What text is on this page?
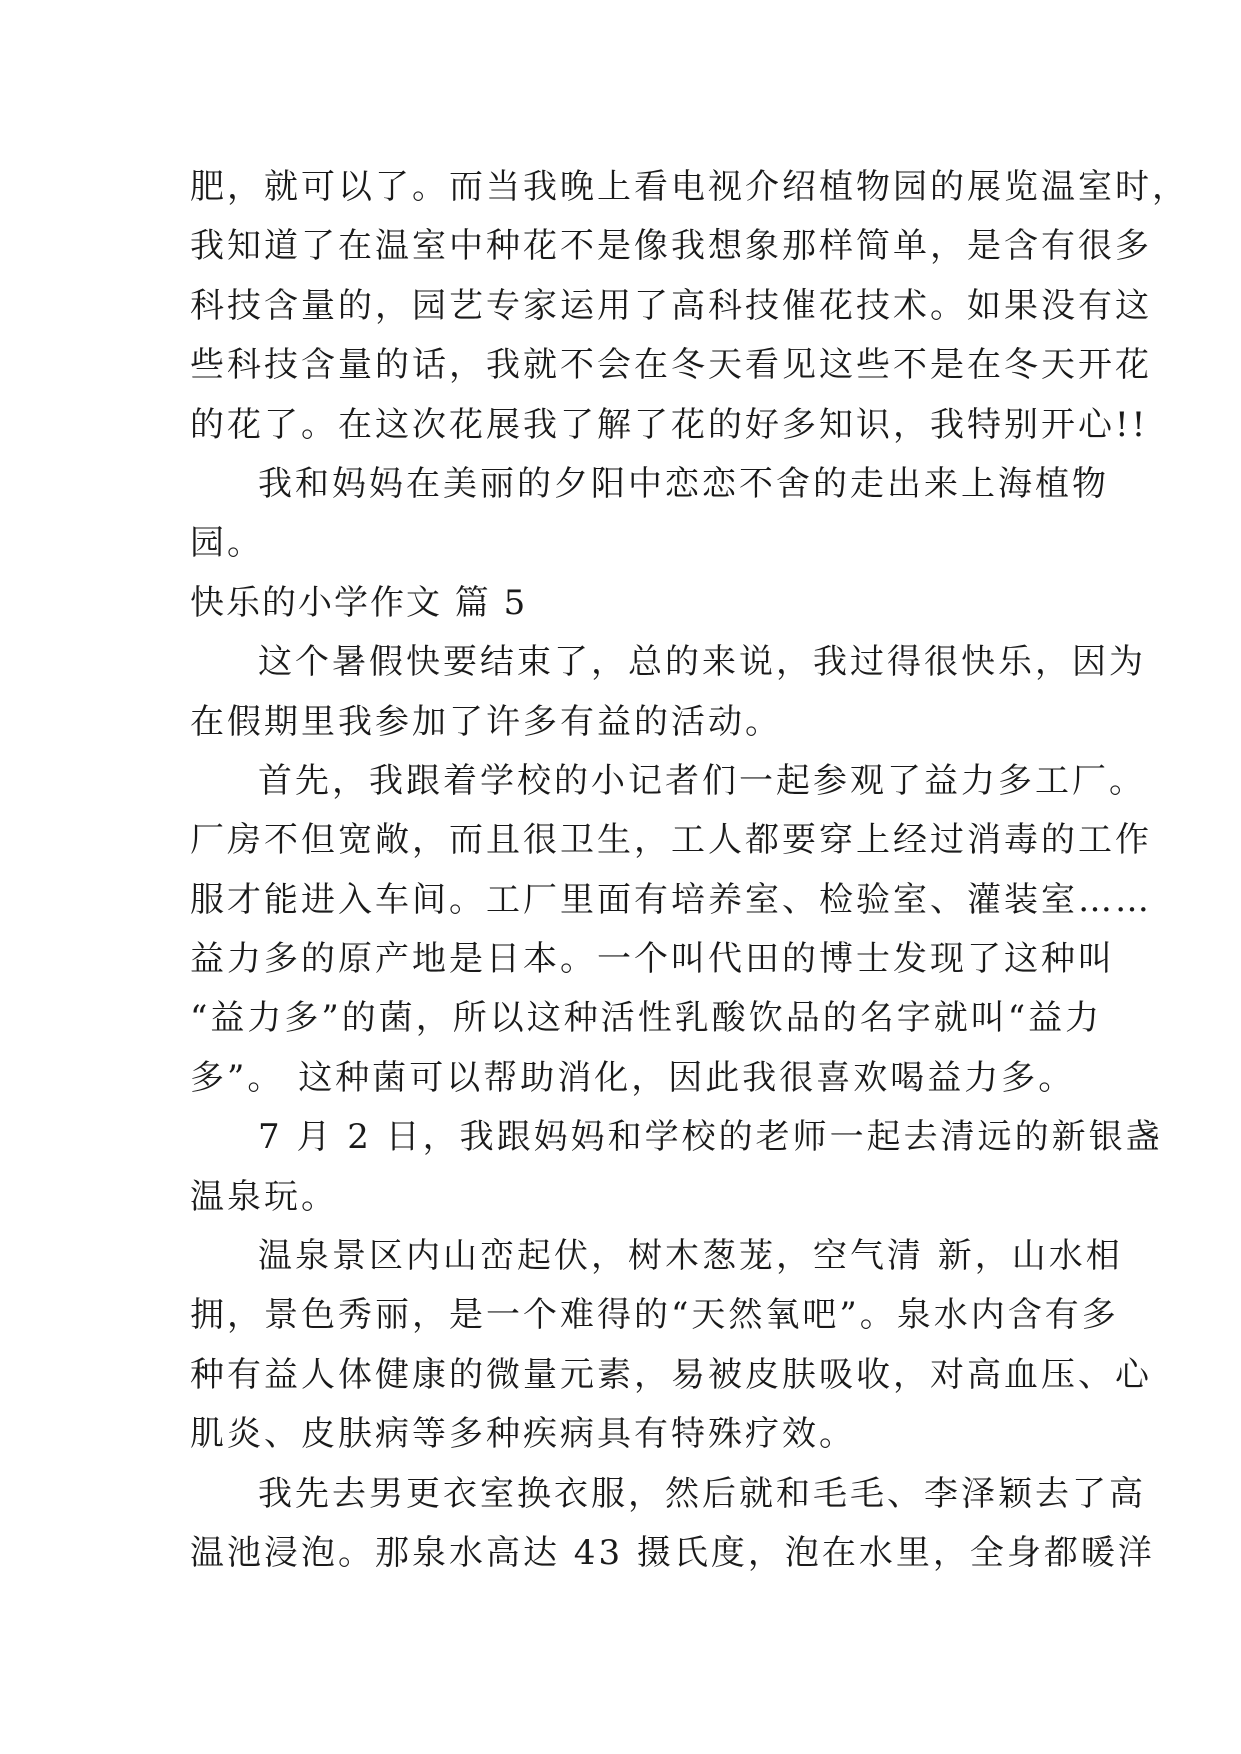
肥，就可以了。而当我晚上看电视介绍植物园的展览温室时，
我知道了在温室中种花不是像我想象那样简单，是含有很多
科技含量的，园艺专家运用了高科技催花技术。如果没有这
些科技含量的话，我就不会在冬天看见这些不是在冬天开花
的花了。在这次花展我了解了花的好多知识，我特别开心!!
我和妈妈在美丽的夕阳中恋恋不舍的走出来上海植物
园。
快乐的小学作文 篇 5
这个暑假快要结束了，总的来说，我过得很快乐，因为
在假期里我参加了许多有益的活动。
首先，我跟着学校的小记者们一起参观了益力多工厂。
厂房不但宽敞，而且很卫生，工人都要穿上经过消毒的工作
服才能进入车间。工厂里面有培养室、检验室、灌装室……
益力多的原产地是日本。一个叫代田的博士发现了这种叫
“益力多”的菌，所以这种活性乳酸饮品的名字就叫“益力
多”。 这种菌可以帮助消化，因此我很喜欢喝益力多。
7 月 2 日，我跟妈妈和学校的老师一起去清远的新银盏
温泉玩。
温泉景区内山峦起伏，树木葱茏，空气清 新，山水相
拥，景色秀丽，是一个难得的“天然氧吧”。泉水内含有多
种有益人体健康的微量元素，易被皮肤吸收，对高血压、心
肌炎、皮肤病等多种疾病具有特殊疗效。
我先去男更衣室换衣服，然后就和毛毛、李泽颖去了高
温池浸泡。那泉水高达 43 摄氏度，泡在水里，全身都暖洋
